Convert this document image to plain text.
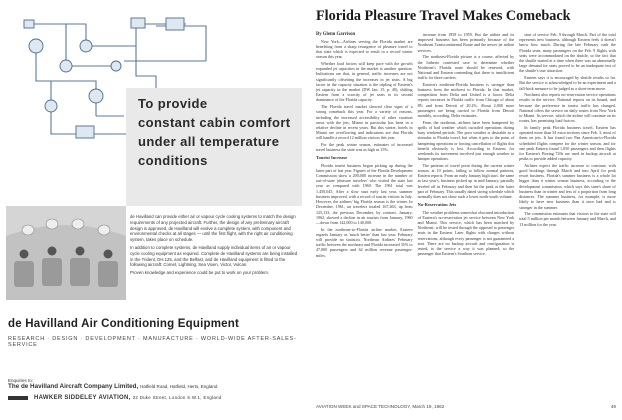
To provide
constant cabin comfort
under all temperature
conditions

de Havilland can provide either air or vapour cycle cooling systems to match the design requirements of any projected aircraft. Further, the design of any preliminary aircraft design is approved, de Havilland will evolve a complete system, with component and environmental checks at all stages — until the first flight, with the right air conditioning system, takes place on schedule.

In addition to complete systems, de Havilland supply individual items of air or vapour cycle cooling equipment as required. Complete de Havilland systems are being installed in the Trident, DH.125, and the Belfast, and de Havilland equipment is fitted to the following aircraft: Comet, Lightning, Sea Vixen, Victor, Vulcan.

Proven knowledge and experience could be put to work on your problem.

de Havilland Air Conditioning Equipment
RESEARCH · DESIGN · DEVELOPMENT · MANUFACTURE · WORLD-WIDE AFTER-SALES-SERVICE
Enquiries to:
The de Havilland Aircraft Company Limited, Hatfield Road, Hatfield, Herts, England
HAWKER SIDDELEY AVIATION, 32 Duke Street, London S.W.1, England
Florida Pleasure Travel Makes Comeback

By Glenn Garrison

New York—Airlines serving the Florida market are benefiting from a sharp resurgence of pleasure travel to that state which is expected to result in a record winter season this year.

Whether load factors will keep pace with the growth expanded jet capacities in the market is another question. Indications are that, in general, traffic increases are not significantly offsetting the increases in jet seats. A big factor in the capacity situation is the tripling of Eastern's jet capacity in the market (DW Jan. 15, p. 40), shifting Eastern from a scarcity of jet seats to its second dominance of the Florida capacity.

The Florida travel market showed clear signs of a strong comeback this year. For a variety of reasons, including the increased accessibility of other vacation areas with the jets, Miami in particular has been in a relative decline in recent years. But this winter, hotels in Miami are overflowing and indications are that Florida will handle a record 12 million visitors this year.

For the peak winter season, estimates of increased travel business the state was as high as 15%.

Tourist Increase

Florida tourist business began picking up during the latter part of last year. Figures of the Florida Development Commission show a 200,000 increase in the number of out-of-state 'pleasure travelers' who visited the state last year as compared with 1960. The 1961 total was 1,450,045. After a slow start early last year, summer business improved, with a record of tourist visitors in July. However, the airlines' big Florida season is the winter. In December, 1961, air travelers totaled 167,463, up from 125,133, the previous December, by contrast. January, 1962, showed a decline in air tourists from January, 1960—down from 142,000 to 140,000.

In the northeast-to-Florida airline market, Eastern regards January as 'much better' than last year, February will provide no statistics. Northeast Airlines' February traffic between the northeast and Florida increased 35% to 47,000 passengers and 62 million revenue passenger-miles.

increase from 1958 to 1959. But the airline and its improved business has been primarily because of the Northeast Transcontinental Route and the newer jet airline services.

The northeast-Florida picture is a course, affected by the hitherto contested case to determine whether Northeast's Florida route should be renewed, with National and Eastern contending that there is insufficient traffic for three carriers.

Eastern's northeast-Florida business is stronger than business from the midwest to Florida. In that market, competition from Delta and United is a factor. Delta reports increases in Florida traffic from Chicago of about 8% and from Detroit of 20.2%. About 2,000 more passengers are being carried to Florida from Detroit monthly, according, Delta estimates.

From the northeast, airlines have been hampered by spells of bad weather which curtailed operations during busy weekend periods. The poor weather is desirable as a stimulus to Florida travel, but when it gets to the point of hampering operations or forcing cancellation of flights this benefit obviously is lost. According to Eastern, for weekends its movement involved just enough weather to hamper operations.

The patterns of travel point during the current winter season, at 10 points, failing to follow normal patterns, Eastern reports. From an early January high start, the same as last year's, business picked up in mid-January, partially leveled off in February and then hit the peak at the latter part of February. This usually dated strong schedule which normally does not show such a lower north-south volume.

No-Reservation Jets

The weather problems somewhat obscured introduction of Eastern's no-reservation jet service between New York and Miami. This service, which has been matched by Northeast, will be tested through the opposed to passenger seats in the Eastern. Later flights with charges without reservations, although every passenger is not guaranteed a seat. There are no backup aircraft and configuration is tested, to the service a way it was planned, so the passenger that Eastern's Southern service.

start of service Feb. 9 through March. Part of the total represents new business, although Eastern feels it doesn't know how much. During the late February rush the Florida seats, many passengers on the Feb. 9 flights with seats were accommodated on the shuttle, so the fact that the shuttle started at a time when there was an abnormally large demand for seats proved to be an inadequate test of the shuttle's true attraction.

Eastern says it is encouraged by shuttle results so far. But the service is acknowledged to be an experiment and a fall-back measure to be judged as a short-term move.

Northeast also reports no-reservation service operations results in the service. National reports on its bound, and because the preference in tourist traffic has changed, National offers the service on daily routes from New York to Miami. Its service, which the airline will continue on its routes, has promising load factors.

In family peak Florida business travel, Eastern has operated more than 54 extra sections since Feb. 3, most of them on jets. It has found two Pan American-to-Florida scheduled flights compete for the winter season, and for one peak Eastern found 1,050 passengers and then flights for Eastern's Boeing 720s are used in backup aircraft at peaks to provide added capacity.

Airlines expect the traffic increase to continue, with good bookings through March and into April for peak resort business. Florida's summer business is a whole lot bigger than it winter season business, according to the development commission, which says this state's share of business than in winter and less of a proportion from long distances. The summer business, for example, is more likely to have new business than it once had and is stronger in the summer.

The commission estimates that visitors to the state will total 5 million per month between January and March, and 13 million for the year.

AVIATION WEEK and SPACE TECHNOLOGY, March 19, 1962	49
